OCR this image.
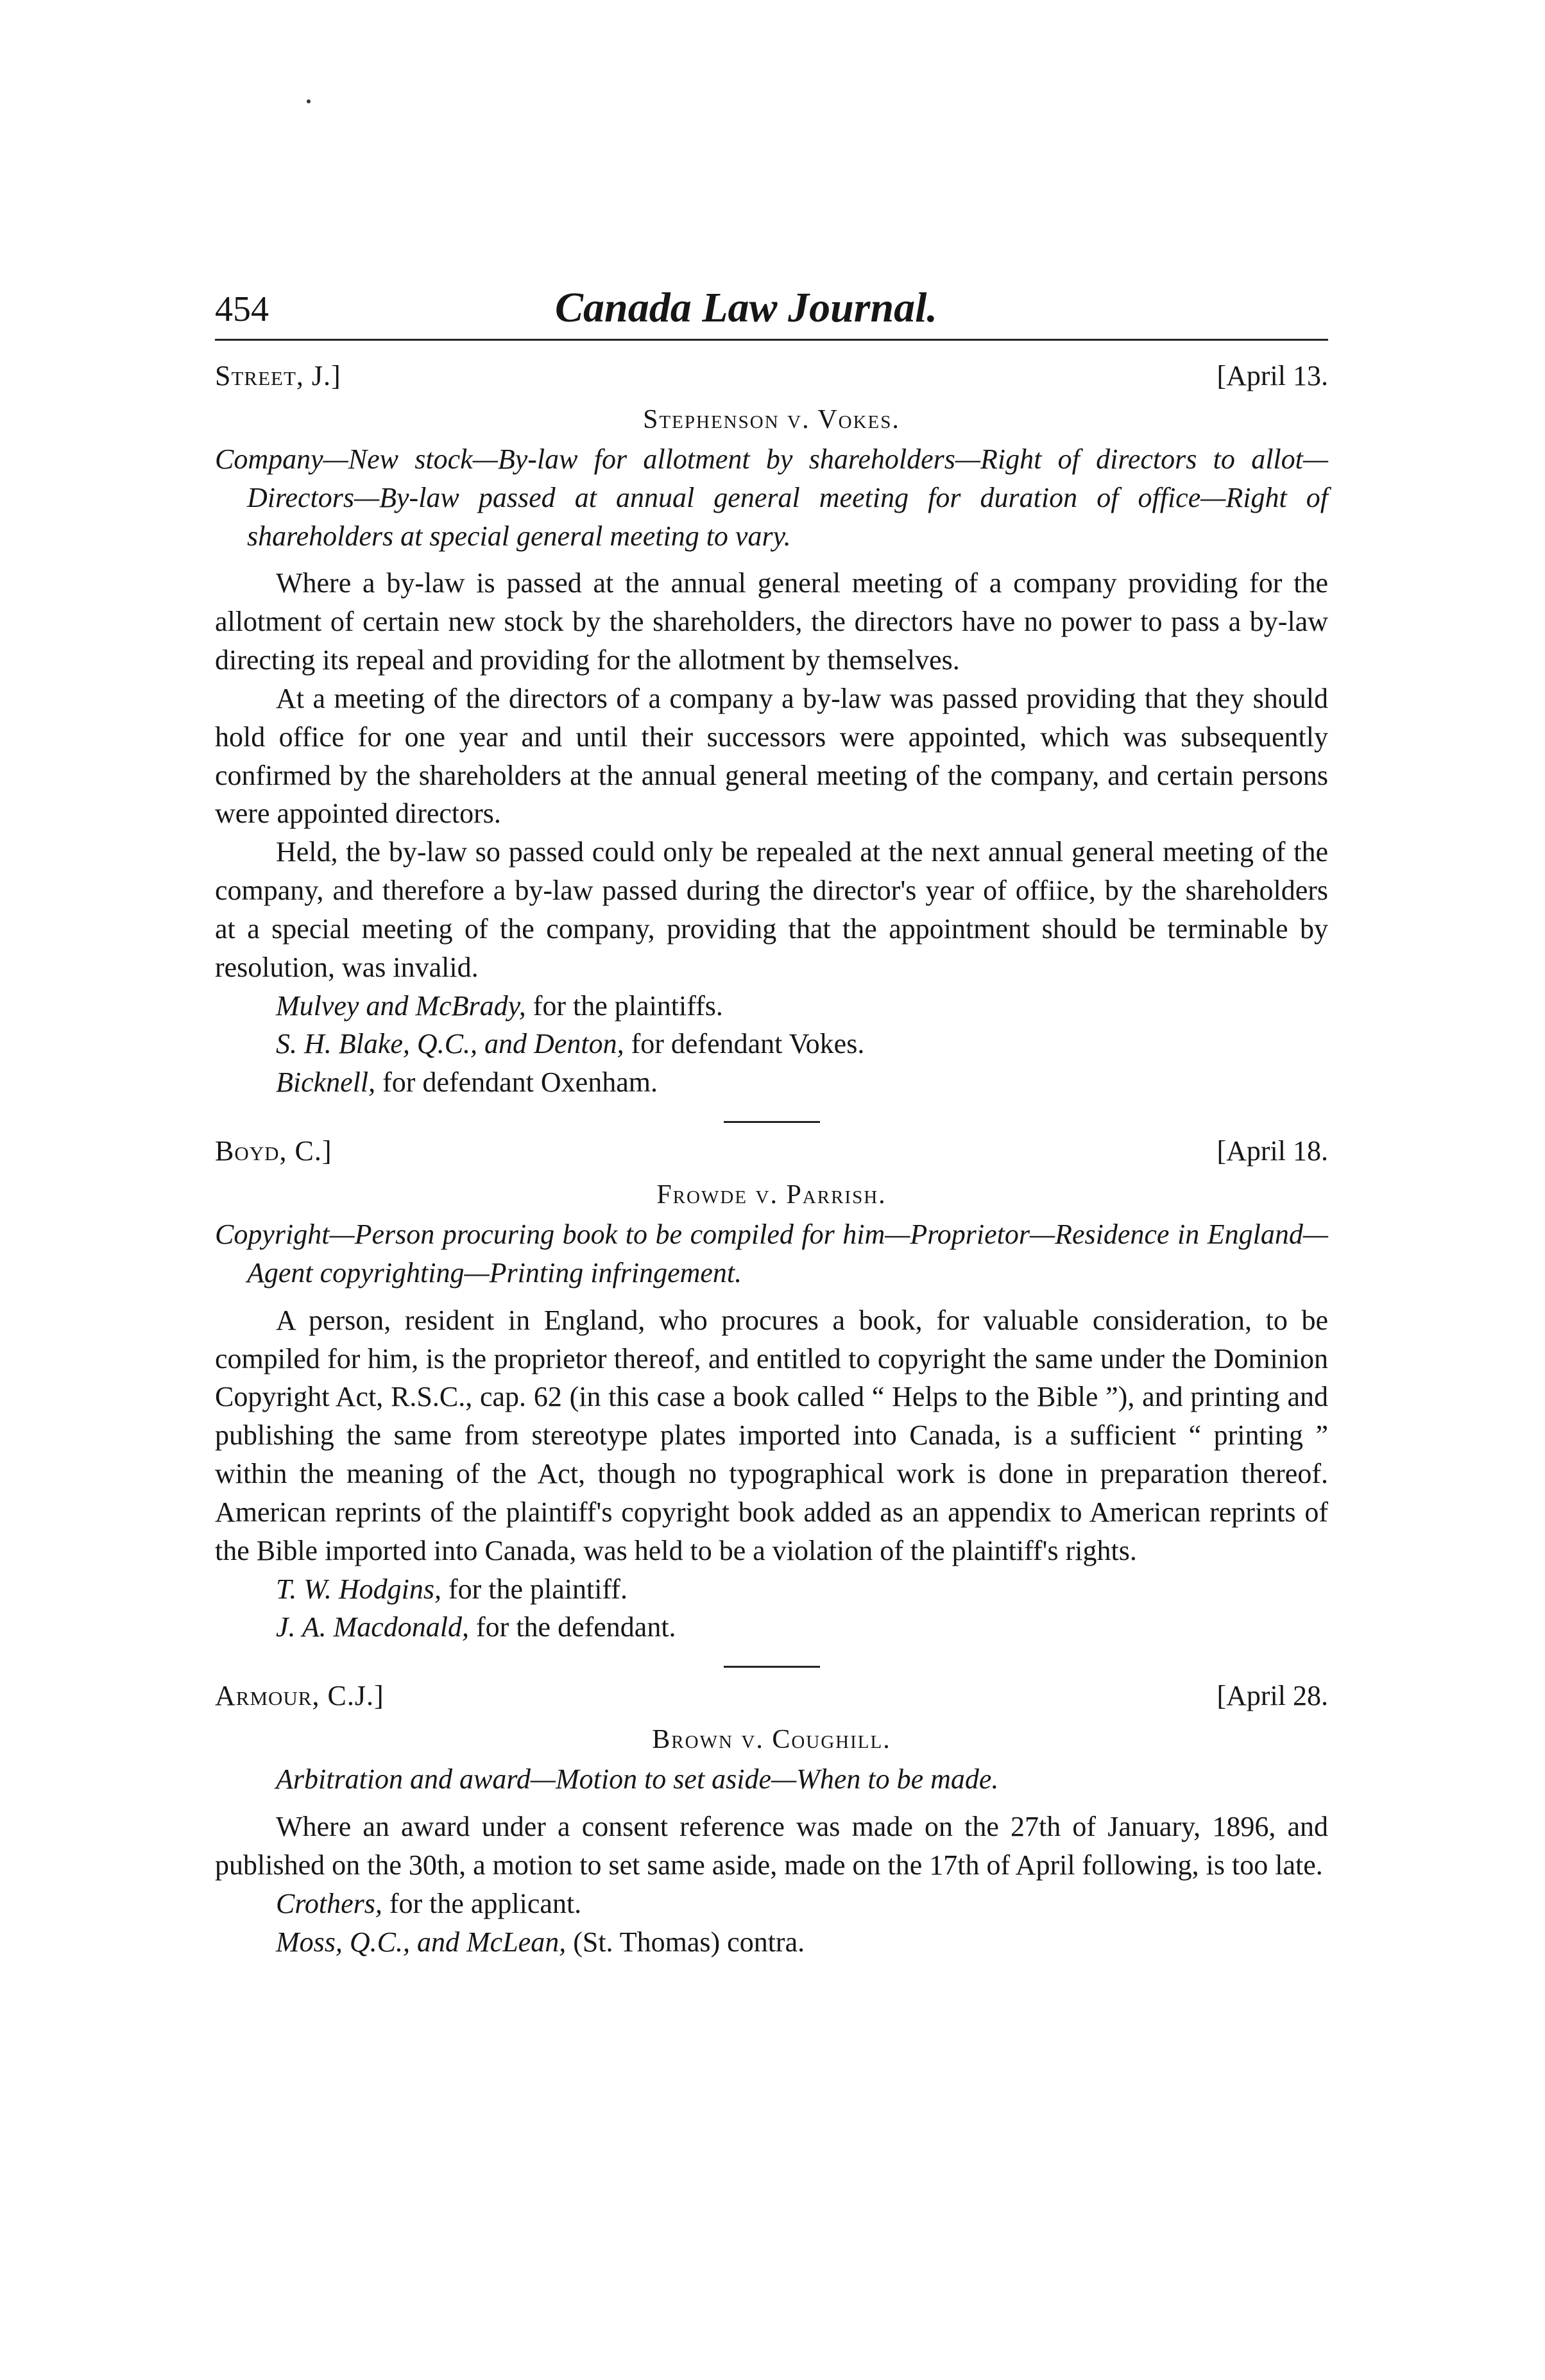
454	Canada Law Journal.
Street, J.]	[April 13.

Stephenson v. Vokes.

Company—New stock—By-law for allotment by shareholders—Right of directors to allot—Directors—By-law passed at annual general meeting for duration of office—Right of shareholders at special general meeting to vary.

Where a by-law is passed at the annual general meeting of a company providing for the allotment of certain new stock by the shareholders, the directors have no power to pass a by-law directing its repeal and providing for the allotment by themselves.

At a meeting of the directors of a company a by-law was passed providing that they should hold office for one year and until their successors were appointed, which was subsequently confirmed by the shareholders at the annual general meeting of the company, and certain persons were appointed directors.

Held, the by-law so passed could only be repealed at the next annual general meeting of the company, and therefore a by-law passed during the director's year of offiice, by the shareholders at a special meeting of the company, providing that the appointment should be terminable by resolution, was invalid.

Mulvey and McBrady, for the plaintiffs.

S. H. Blake, Q.C., and Denton, for defendant Vokes.

Bicknell, for defendant Oxenham.

Boyd, C.]	[April 18.

Frowde v. Parrish.

Copyright—Person procuring book to be compiled for him—Proprietor—Residence in England—Agent copyrighting—Printing infringement.

A person, resident in England, who procures a book, for valuable consideration, to be compiled for him, is the proprietor thereof, and entitled to copyright the same under the Dominion Copyright Act, R.S.C., cap. 62 (in this case a book called “ Helps to the Bible ”), and printing and publishing the same from stereotype plates imported into Canada, is a sufficient “ printing ” within the meaning of the Act, though no typographical work is done in preparation thereof. American reprints of the plaintiff's copyright book added as an appendix to American reprints of the Bible imported into Canada, was held to be a violation of the plaintiff's rights.

T. W. Hodgins, for the plaintiff.

J. A. Macdonald, for the defendant.

Armour, C.J.]	[April 28.

Brown v. Coughill.

Arbitration and award—Motion to set aside—When to be made.

Where an award under a consent reference was made on the 27th of January, 1896, and published on the 30th, a motion to set same aside, made on the 17th of April following, is too late.

Crothers, for the applicant.

Moss, Q.C., and McLean, (St. Thomas) contra.
